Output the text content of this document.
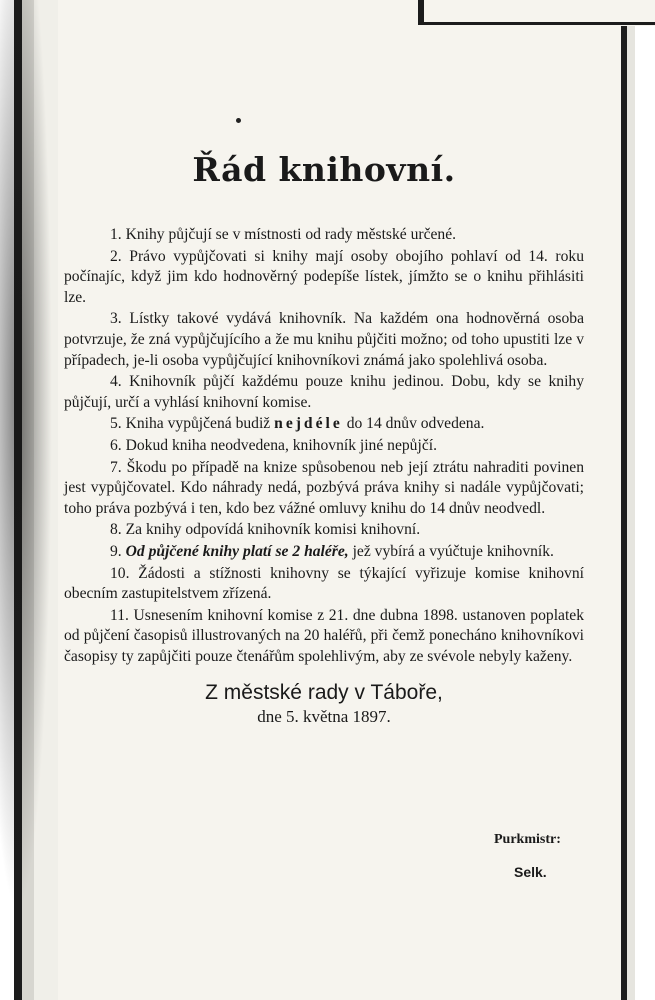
Řád knihovní.

1. Knihy půjčují se v místnosti od rady městské určené.

2. Právo vypůjčovati si knihy mají osoby obojího pohlaví od 14. roku počínajíc, když jim kdo hodnověrný podepíše lístek, jímžto se o knihu přihlásiti lze.

3. Lístky takové vydává knihovník. Na každém ona hodnověrná osoba potvrzuje, že zná vypůjčujícího a že mu knihu půjčiti možno; od toho upustiti lze v případech, je-li osoba vypůjčující knihovníkovi známá jako spolehlivá osoba.

4. Knihovník půjčí každému pouze knihu jedinou. Dobu, kdy se knihy půjčují, určí a vyhlásí knihovní komise.

5. Kniha vypůjčená budiž nejdéle do 14 dnův odvedena.

6. Dokud kniha neodvedena, knihovník jiné nepůjčí.

7. Škodu po případě na knize spůsobenou neb její ztrátu nahraditi povinen jest vypůjčovatel. Kdo náhrady nedá, pozbývá práva knihy si nadále vypůjčovati; toho práva pozbývá i ten, kdo bez vážné omluvy knihu do 14 dnův neodvedl.

8. Za knihy odpovídá knihovník komisi knihovní.

9. Od půjčené knihy platí se 2 haléře, jež vybírá a vyúčtuje knihovník.

10. Žádosti a stížnosti knihovny se týkající vyřizuje komise knihovní obecním zastupitelstvem zřízená.

11. Usnesením knihovní komise z 21. dne dubna 1898. ustanoven poplatek od půjčení časopisů illustrovaných na 20 haléřů, při čemž ponecháno knihovníkovi časopisy ty zapůjčiti pouze čtenářům spolehlivým, aby ze svévole nebyly kaženy.

Z městské rady v Táboře,
dne 5. května 1897.
Purkmistr:
Selk.
